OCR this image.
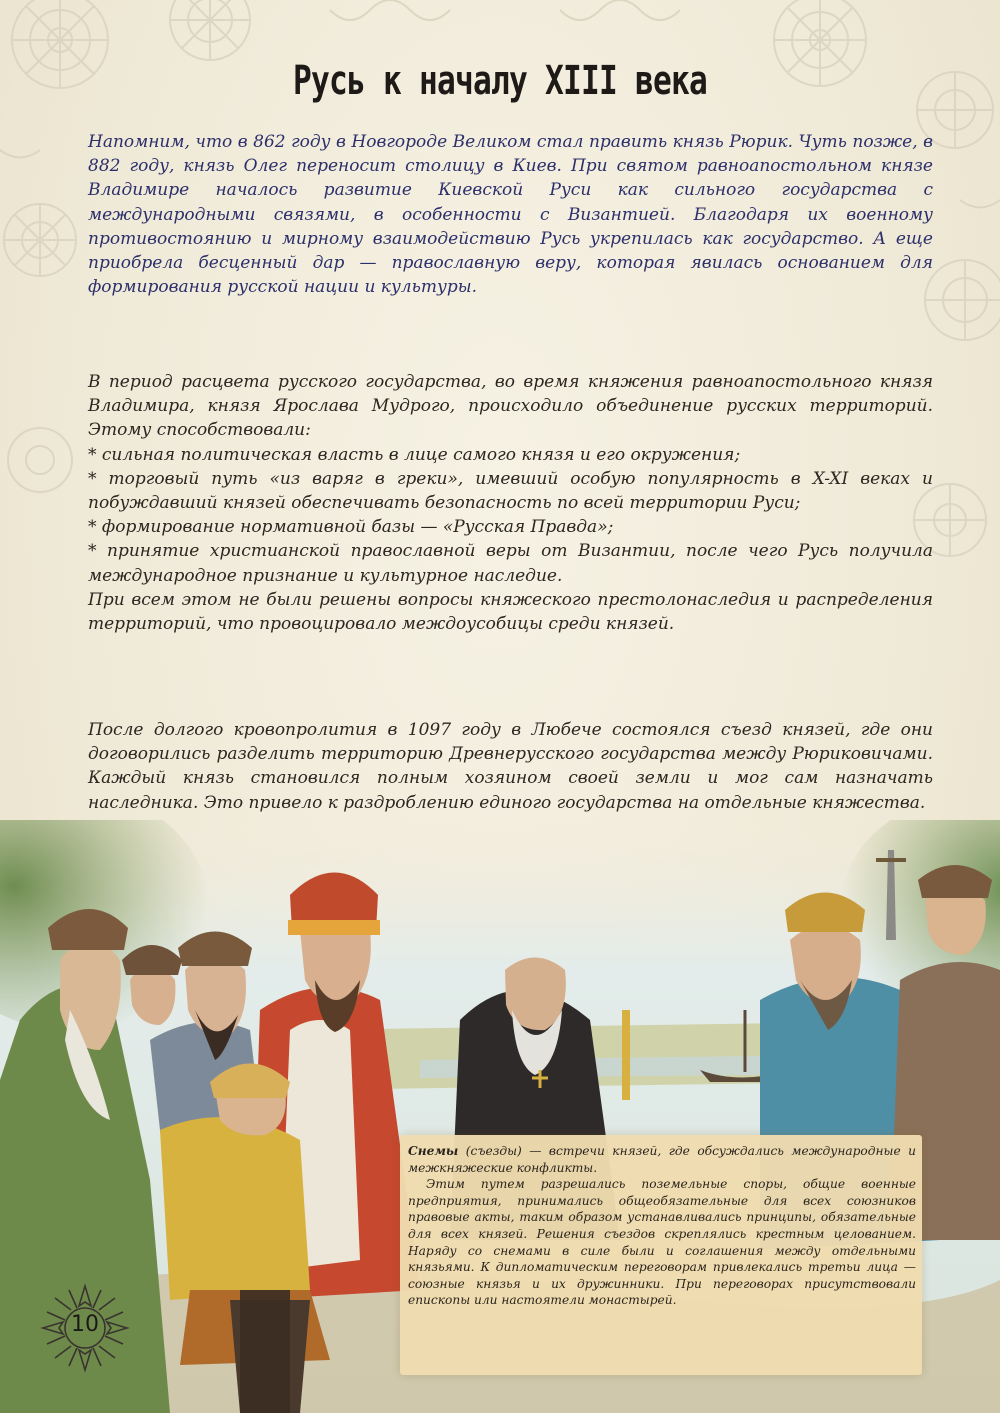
Русь к началу XIII века

Напомним, что в 862 году в Новгороде Великом стал править князь Рюрик. Чуть позже, в 882 году, князь Олег переносит столицу в Киев. При святом равноапостольном князе Владимире началось развитие Киевской Руси как сильного государства с международными связями, в особенности с Византией. Благодаря их военному противостоянию и мирному взаимодействию Русь укрепилась как государство. А еще приобрела бесценный дар — православную веру, которая явилась основанием для формирования русской нации и культуры.

В период расцвета русского государства, во время княжения равноапостольного князя Владимира, князя Ярослава Мудрого, происходило объединение русских территорий. Этому способствовали:
* сильная политическая власть в лице самого князя и его окружения;
* торговый путь «из варяг в греки», имевший особую популярность в X-XI веках и побуждавший князей обеспечивать безопасность по всей территории Руси;
* формирование нормативной базы — «Русская Правда»;
* принятие христианской православной веры от Византии, после чего Русь получила международное признание и культурное наследие.
При всем этом не были решены вопросы княжеского престолонаследия и распределения территорий, что провоцировало междоусобицы среди князей.

После долгого кровопролития в 1097 году в Любече состоялся съезд князей, где они договорились разделить территорию Древнерусского государства между Рюриковичами. Каждый князь становился полным хозяином своей земли и мог сам назначать наследника. Это привело к раздроблению единого государства на отдельные княжества.

Снемы (съезды) — встречи князей, где обсуждались международные и межкняжеские конфликты.

Этим путем разрешались поземельные споры, общие военные предприятия, принимались общеобязательные для всех союзников правовые акты, таким образом устанавливались принципы, обязательные для всех князей. Решения съездов скреплялись крестным целованием. Наряду со снемами в силе были и соглашения между отдельными князьями. К дипломатическим переговорам привлекались третьи лица — союзные князья и их дружинники. При переговорах присутствовали епископы или настоятели монастырей.

10
